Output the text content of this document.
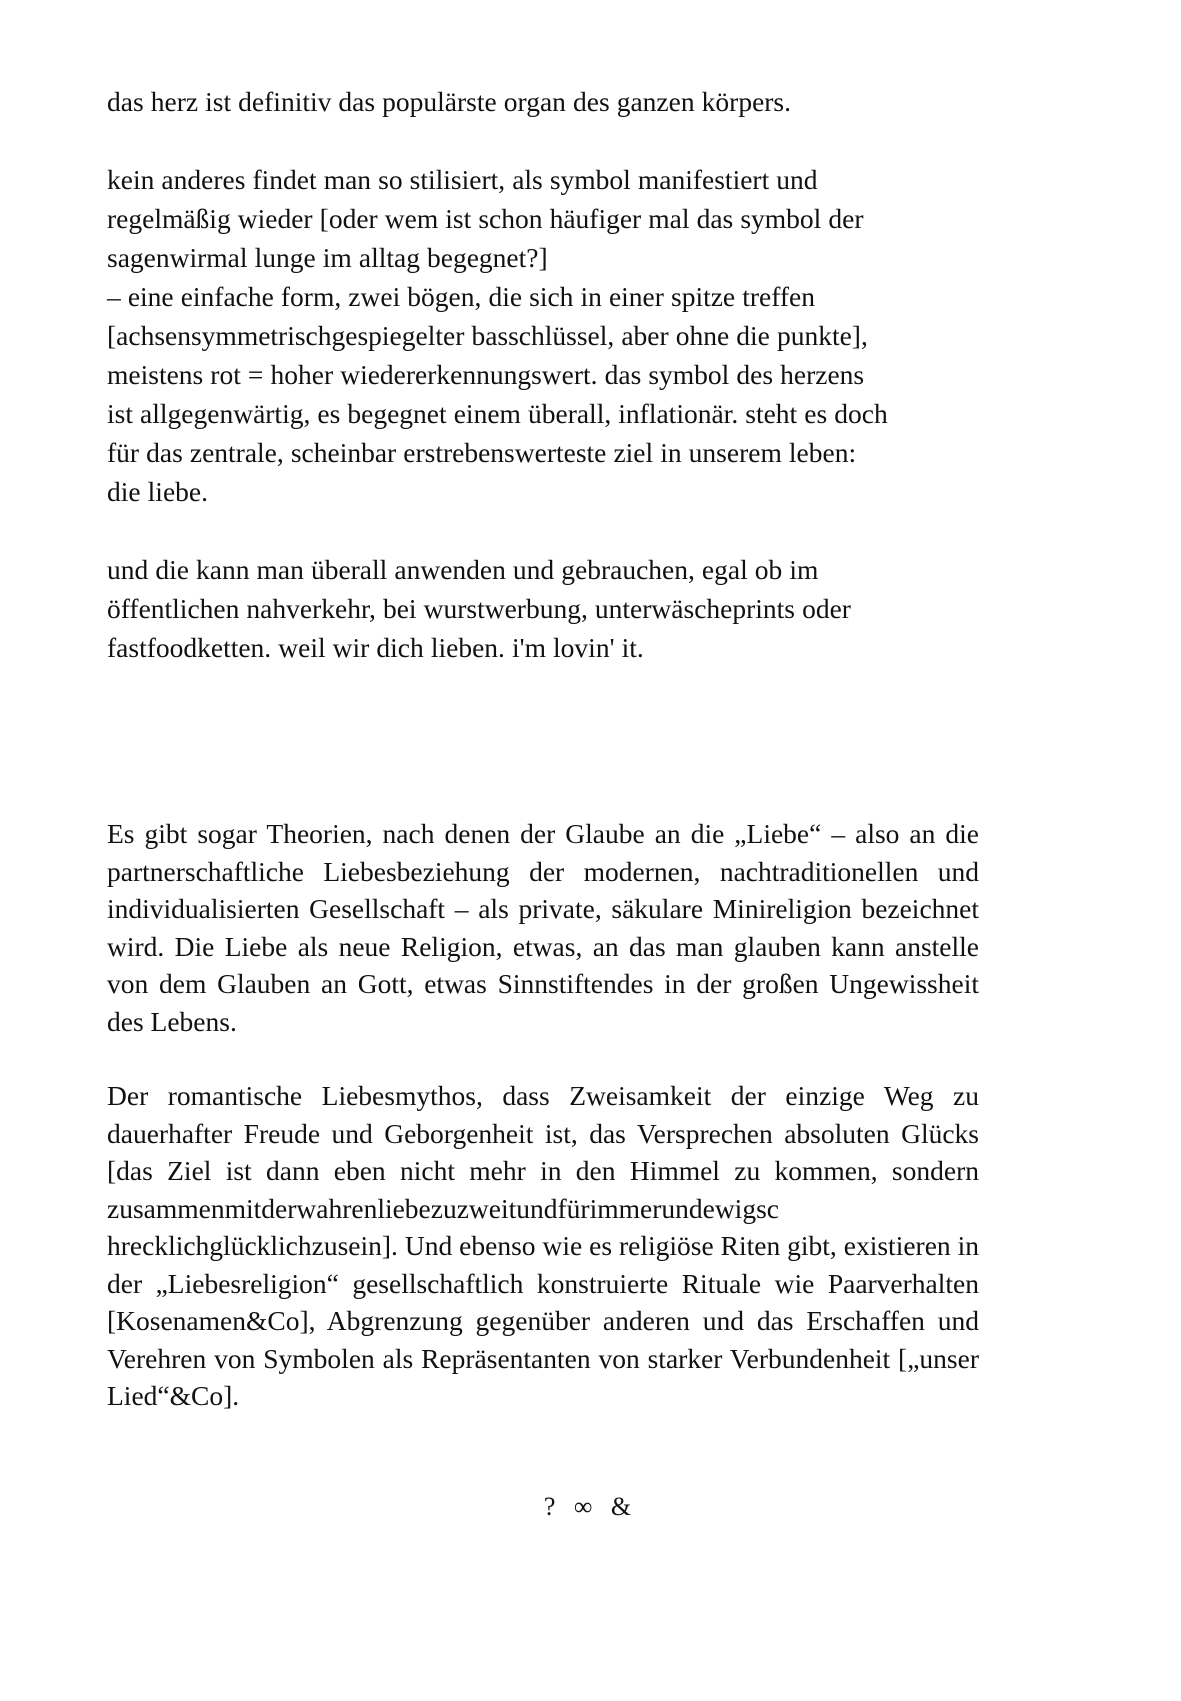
das herz ist definitiv das populärste organ des ganzen körpers.

kein anderes findet man so stilisiert, als symbol manifestiert und

regelmäßig wieder [oder wem ist schon häufiger mal das symbol der

sagenwirmal lunge im alltag begegnet?]

– eine einfache form, zwei bögen, die sich in einer spitze treffen

[achsensymmetrischgespiegelter basschlüssel, aber ohne die punkte],

meistens rot = hoher wiedererkennungswert. das symbol des herzens

ist allgegenwärtig, es begegnet einem überall, inflationär. steht es doch

für das zentrale, scheinbar erstrebenswerteste ziel in unserem leben:

die liebe.

und die kann man überall anwenden und gebrauchen, egal ob im

öffentlichen nahverkehr, bei wurstwerbung, unterwäscheprints oder

fastfoodketten. weil wir dich lieben. i'm lovin' it.

Es gibt sogar Theorien, nach denen der Glaube an die „Liebe“ – also an die partnerschaftliche Liebesbeziehung der modernen, nachtraditionellen und individualisierten Gesellschaft – als private, säkulare Minireligion bezeichnet wird. Die Liebe als neue Religion, etwas, an das man glauben kann anstelle von dem Glauben an Gott, etwas Sinnstiftendes in der großen Ungewissheit des Lebens.

Der romantische Liebesmythos, dass Zweisamkeit der einzige Weg zu dauerhafter Freude und Geborgenheit ist, das Versprechen absoluten Glücks [das Ziel ist dann eben nicht mehr in den Himmel zu kommen, sondern zusammenmitderwahrenliebezuzweitundfürimmerundewigsc hrecklichglücklichzusein]. Und ebenso wie es religiöse Riten gibt, existieren in der „Liebesreligion“ gesellschaftlich konstruierte Rituale wie Paarverhalten [Kosenamen&Co], Abgrenzung gegenüber anderen und das Erschaffen und Verehren von Symbolen als Repräsentanten von starker Verbundenheit [„unser Lied“&Co].

? ∞ &
